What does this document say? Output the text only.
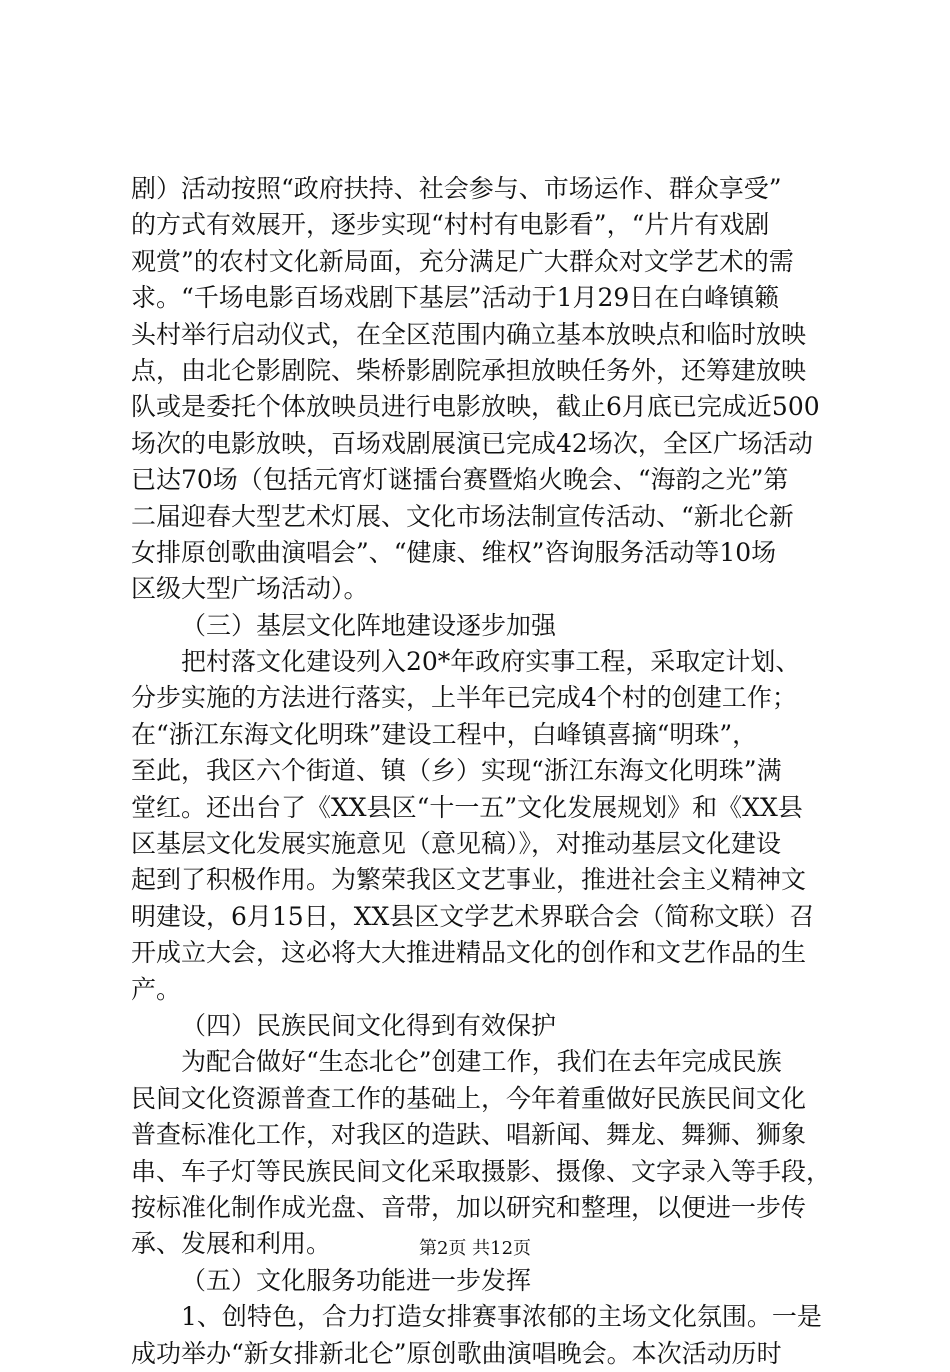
剧）活动按照“政府扶持、社会参与、市场运作、群众享受”
的方式有效展开，逐步实现“村村有电影看”，“片片有戏剧
观赏”的农村文化新局面，充分满足广大群众对文学艺术的需
求。“千场电影百场戏剧下基层”活动于1月29日在白峰镇籁
头村举行启动仪式，在全区范围内确立基本放映点和临时放映
点，由北仑影剧院、柴桥影剧院承担放映任务外，还筹建放映
队或是委托个体放映员进行电影放映，截止6月底已完成近500
场次的电影放映，百场戏剧展演已完成42场次，全区广场活动
已达70场（包括元宵灯谜擂台赛暨焰火晚会、“海韵之光”第
二届迎春大型艺术灯展、文化市场法制宣传活动、“新北仑新
女排原创歌曲演唱会”、“健康、维权”咨询服务活动等10场
区级大型广场活动）。
（三）基层文化阵地建设逐步加强
把村落文化建设列入20*年政府实事工程，采取定计划、
分步实施的方法进行落实，上半年已完成4个村的创建工作；
在“浙江东海文化明珠”建设工程中，白峰镇喜摘“明珠”，
至此，我区六个街道、镇（乡）实现“浙江东海文化明珠”满
堂红。还出台了《XX县区“十一五”文化发展规划》和《XX县
区基层文化发展实施意见（意见稿）》，对推动基层文化建设
起到了积极作用。为繁荣我区文艺事业，推进社会主义精神文
明建设，6月15日，XX县区文学艺术界联合会（简称文联）召
开成立大会，这必将大大推进精品文化的创作和文艺作品的生
产。
（四）民族民间文化得到有效保护
为配合做好“生态北仑”创建工作，我们在去年完成民族
民间文化资源普查工作的基础上，今年着重做好民族民间文化
普查标准化工作，对我区的造趺、唱新闻、舞龙、舞狮、狮象
串、车子灯等民族民间文化采取摄影、摄像、文字录入等手段，
按标准化制作成光盘、音带，加以研究和整理，以便进一步传
承、发展和利用。
（五）文化服务功能进一步发挥
1、创特色，合力打造女排赛事浓郁的主场文化氛围。一是
成功举办“新女排新北仑”原创歌曲演唱晚会。本次活动历时
第2页 共12页
